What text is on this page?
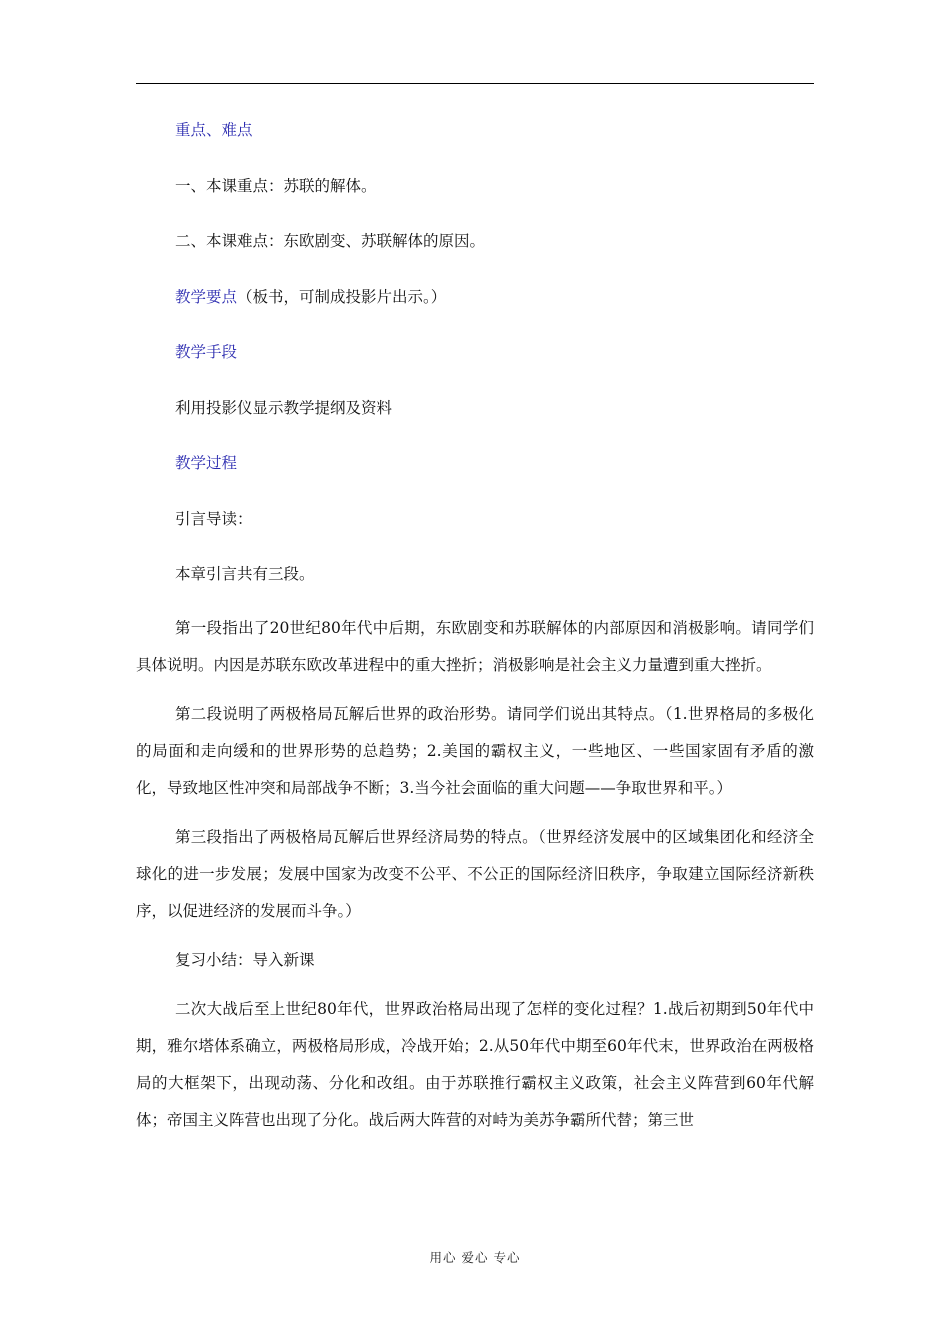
重点、难点

一、本课重点：苏联的解体。

二、本课难点：东欧剧变、苏联解体的原因。

教学要点（板书，可制成投影片出示。）

教学手段

利用投影仪显示教学提纲及资料

教学过程

引言导读：

本章引言共有三段。

第一段指出了20世纪80年代中后期，东欧剧变和苏联解体的内部原因和消极影响。请同学们具体说明。内因是苏联东欧改革进程中的重大挫折；消极影响是社会主义力量遭到重大挫折。

第二段说明了两极格局瓦解后世界的政治形势。请同学们说出其特点。（1.世界格局的多极化的局面和走向缓和的世界形势的总趋势；2.美国的霸权主义，一些地区、一些国家固有矛盾的激化，导致地区性冲突和局部战争不断；3.当今社会面临的重大问题——争取世界和平。）

第三段指出了两极格局瓦解后世界经济局势的特点。（世界经济发展中的区域集团化和经济全球化的进一步发展；发展中国家为改变不公平、不公正的国际经济旧秩序，争取建立国际经济新秩序，以促进经济的发展而斗争。）

复习小结：导入新课

二次大战后至上世纪80年代，世界政治格局出现了怎样的变化过程？1.战后初期到50年代中期，雅尔塔体系确立，两极格局形成，冷战开始；2.从50年代中期至60年代末，世界政治在两极格局的大框架下，出现动荡、分化和改组。由于苏联推行霸权主义政策，社会主义阵营到60年代解体；帝国主义阵营也出现了分化。战后两大阵营的对峙为美苏争霸所代替；第三世

用心 爱心 专心
